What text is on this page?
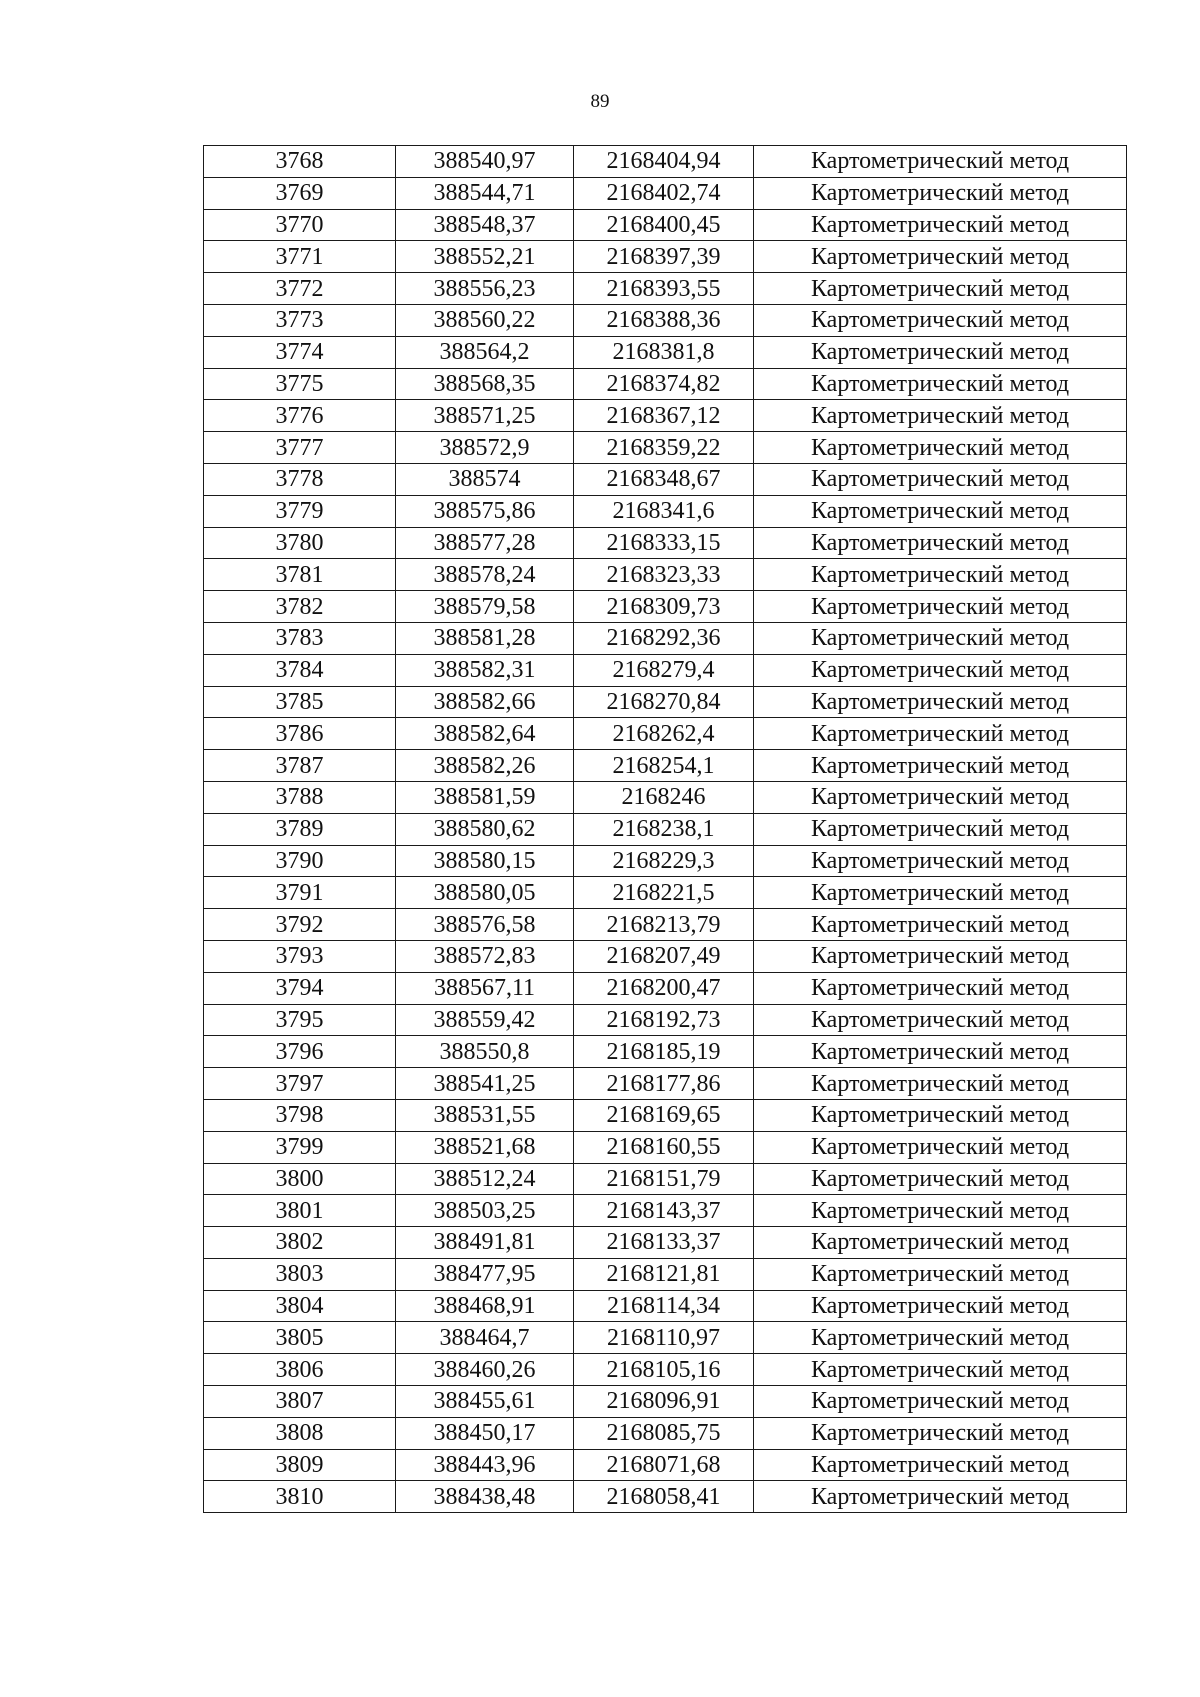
89
3768	388540,97	2168404,94	Картометрический метод
3769	388544,71	2168402,74	Картометрический метод
3770	388548,37	2168400,45	Картометрический метод
3771	388552,21	2168397,39	Картометрический метод
3772	388556,23	2168393,55	Картометрический метод
3773	388560,22	2168388,36	Картометрический метод
3774	388564,2	2168381,8	Картометрический метод
3775	388568,35	2168374,82	Картометрический метод
3776	388571,25	2168367,12	Картометрический метод
3777	388572,9	2168359,22	Картометрический метод
3778	388574	2168348,67	Картометрический метод
3779	388575,86	2168341,6	Картометрический метод
3780	388577,28	2168333,15	Картометрический метод
3781	388578,24	2168323,33	Картометрический метод
3782	388579,58	2168309,73	Картометрический метод
3783	388581,28	2168292,36	Картометрический метод
3784	388582,31	2168279,4	Картометрический метод
3785	388582,66	2168270,84	Картометрический метод
3786	388582,64	2168262,4	Картометрический метод
3787	388582,26	2168254,1	Картометрический метод
3788	388581,59	2168246	Картометрический метод
3789	388580,62	2168238,1	Картометрический метод
3790	388580,15	2168229,3	Картометрический метод
3791	388580,05	2168221,5	Картометрический метод
3792	388576,58	2168213,79	Картометрический метод
3793	388572,83	2168207,49	Картометрический метод
3794	388567,11	2168200,47	Картометрический метод
3795	388559,42	2168192,73	Картометрический метод
3796	388550,8	2168185,19	Картометрический метод
3797	388541,25	2168177,86	Картометрический метод
3798	388531,55	2168169,65	Картометрический метод
3799	388521,68	2168160,55	Картометрический метод
3800	388512,24	2168151,79	Картометрический метод
3801	388503,25	2168143,37	Картометрический метод
3802	388491,81	2168133,37	Картометрический метод
3803	388477,95	2168121,81	Картометрический метод
3804	388468,91	2168114,34	Картометрический метод
3805	388464,7	2168110,97	Картометрический метод
3806	388460,26	2168105,16	Картометрический метод
3807	388455,61	2168096,91	Картометрический метод
3808	388450,17	2168085,75	Картометрический метод
3809	388443,96	2168071,68	Картометрический метод
3810	388438,48	2168058,41	Картометрический метод
